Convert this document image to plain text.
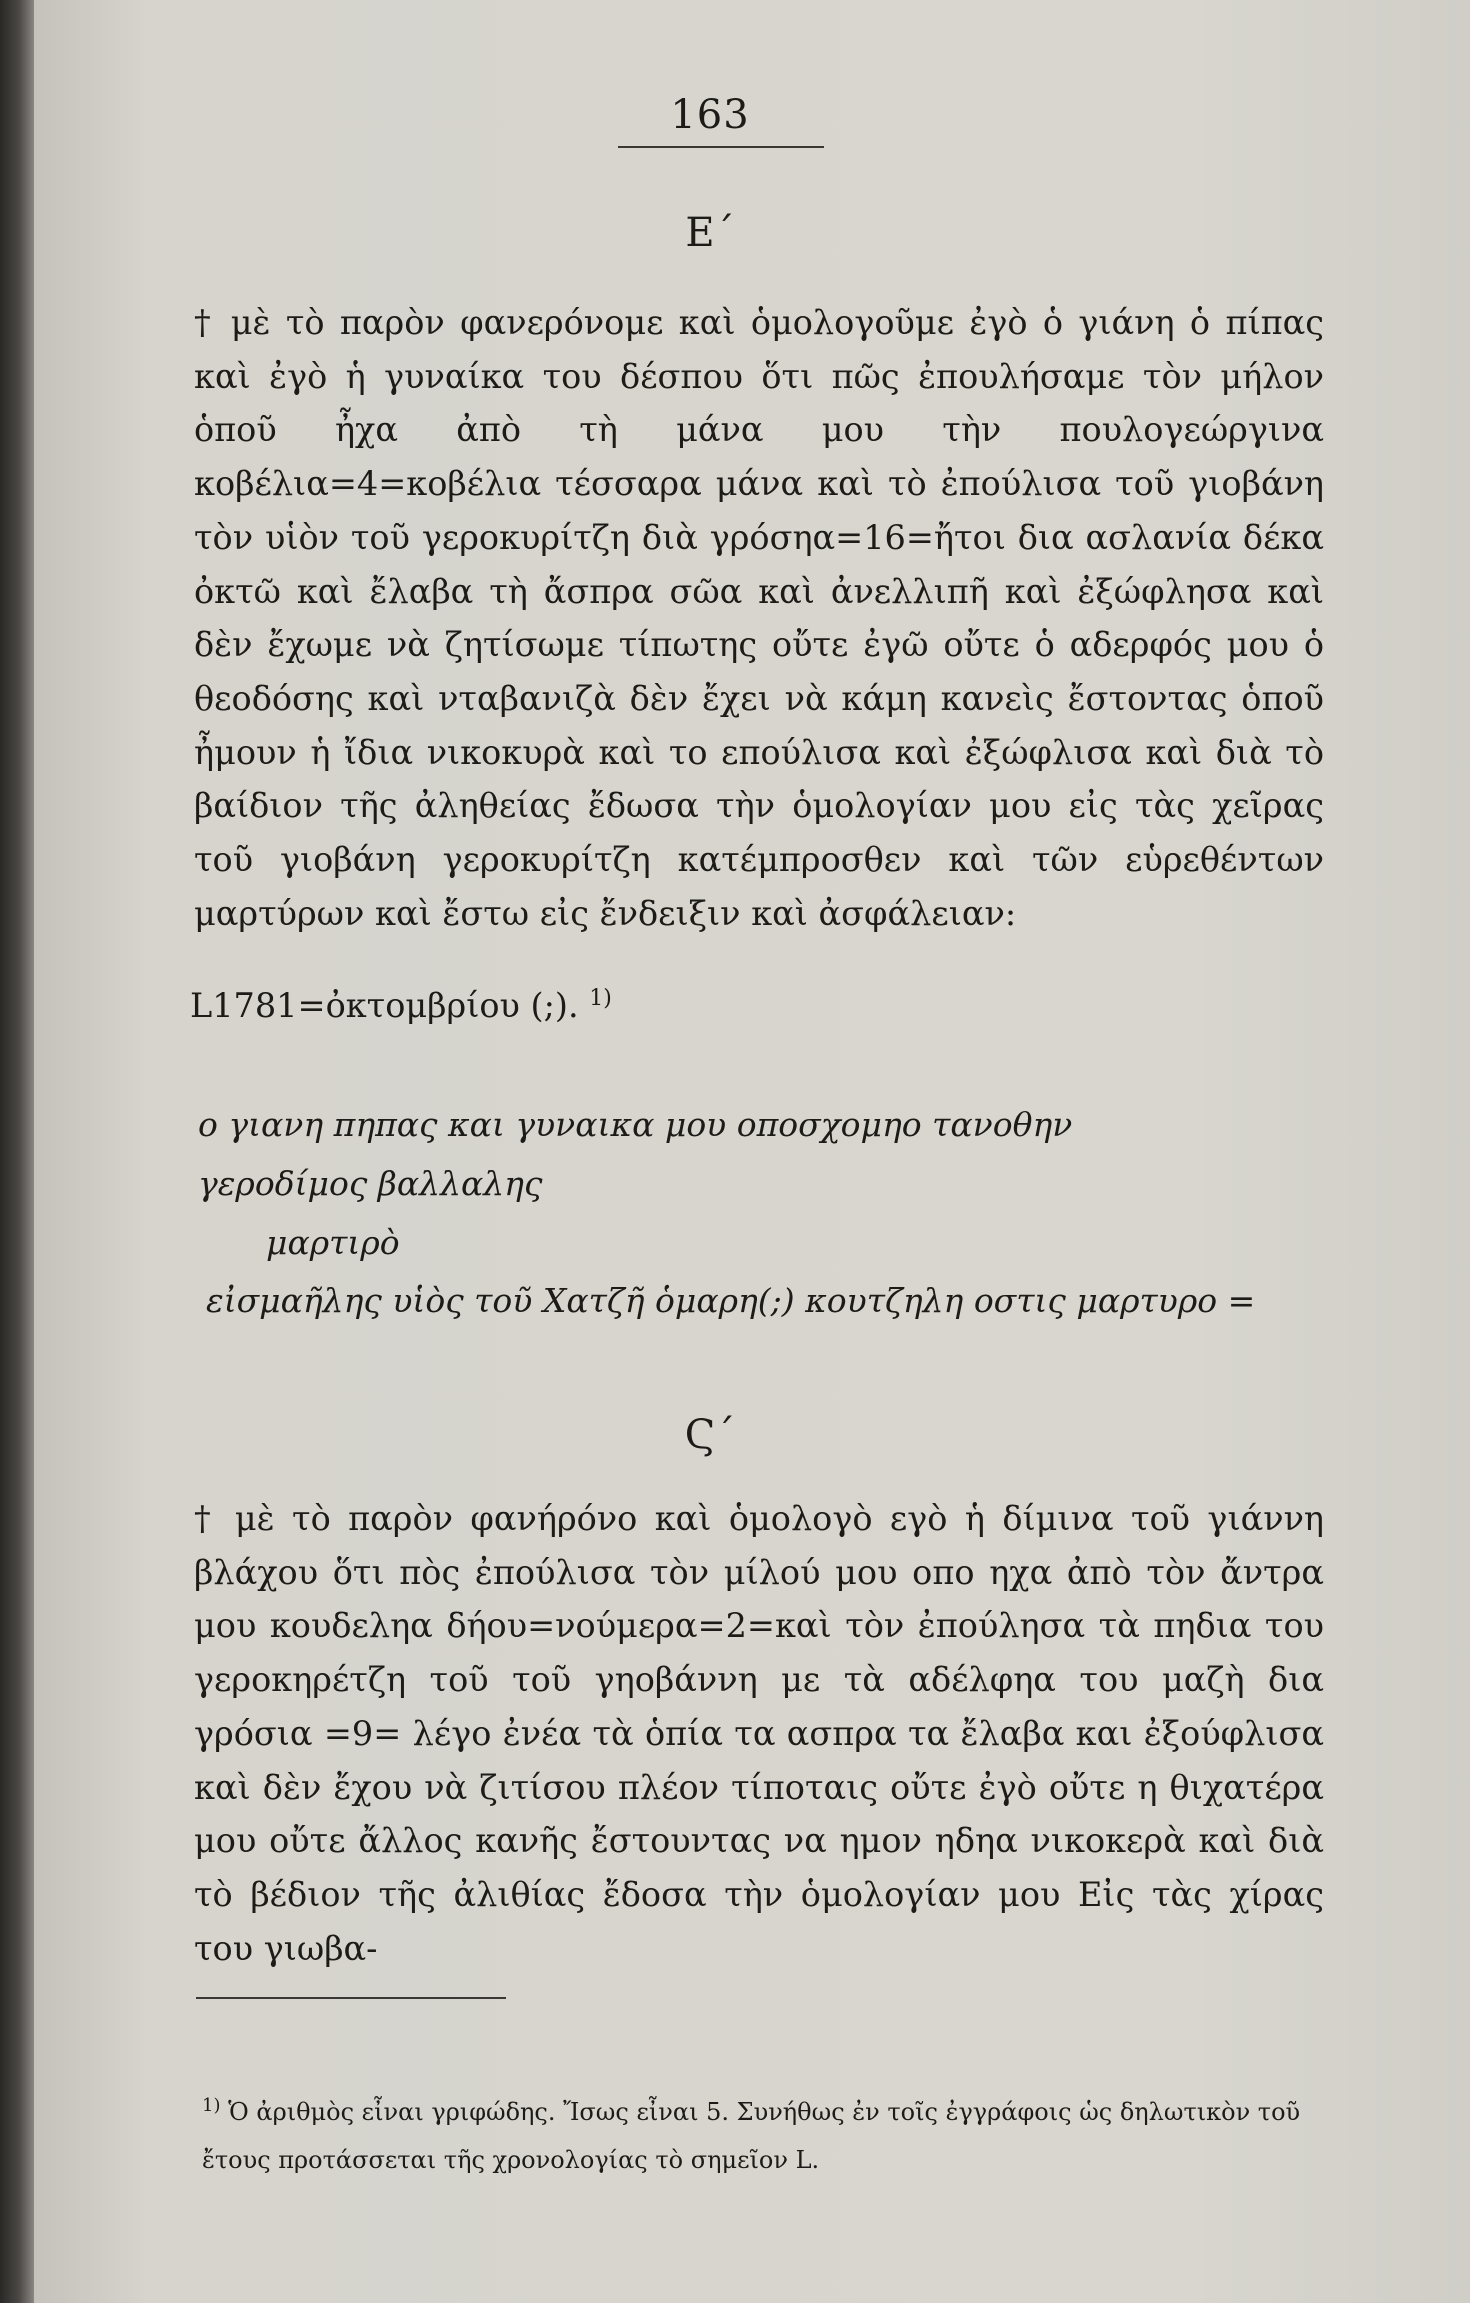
163
Ε΄

† μὲ τὸ παρὸν φανερόνομε καὶ ὁμολογοῦμε ἐγὸ ὁ γιάνη ὁ πίπας καὶ ἐγὸ ἡ γυναίκα του δέσπου ὅτι πῶς ἐπουλήσαμε τὸν μήλον ὁποῦ ἦχα ἀπὸ τὴ μάνα μου τὴν πουλογεώργινα κοβέλια=4=κοβέλια τέσσαρα μάνα καὶ τὸ ἐπούλισα τοῦ γιοβάνη τὸν υἱὸν τοῦ γεροκυρίτζη διὰ γρόσηα=16=ἤτοι δια ασλανία δέκα ὀκτῶ καὶ ἔλαβα τὴ ἄσπρα σῶα καὶ ἀνελλιπῆ καὶ ἐξώφλησα καὶ δὲν ἔχωμε νὰ ζητίσωμε τίπωτης οὔτε ἐγῶ οὔτε ὁ αδερφός μου ὁ θεοδόσης καὶ νταβανιζὰ δὲν ἔχει νὰ κάμη κανεὶς ἔστοντας ὁποῦ ἦμουν ἡ ἴδια νικοκυρὰ καὶ το επούλισα καὶ ἐξώφλισα καὶ διὰ τὸ βαίδιον τῆς ἀληθείας ἔδωσα τὴν ὁμολογίαν μου εἰς τὰς χεῖρας τοῦ γιοβάνη γεροκυρίτζη κατέμπροσθεν καὶ τῶν εὑρεθέντων μαρτύρων καὶ ἔστω εἰς ἔνδειξιν καὶ ἀσφάλειαν:

L1781=ὀκτομβρίου (;). $^{1)}$
ο γιανη πηπας και γυναικα μου οποσχομηο τανοθην
γεροδίμος βαλλαλης
μαρτιρὸ
εἰσμαῆλης υἱὸς τοῦ Χατζῆ ὁμαρη(;) κουτζηλη οστις μαρτυρο =
Ϛ΄

† μὲ τὸ παρὸν φανήρόνο καὶ ὁμολογὸ εγὸ ἡ δίμινα τοῦ γιάννη βλάχου ὅτι πὸς ἐπούλισα τὸν μίλού μου οπο ηχα ἀπὸ τὸν ἄντρα μου κουδεληα δήου=νούμερα=2=καὶ τὸν ἐπούλησα τὰ πηδια του γεροκηρέτζη τοῦ τοῦ γηοβάννη με τὰ αδέλφηα του μαζὴ δια γρόσια =9= λέγο ἐνέα τὰ ὁπία τα ασπρα τα ἔλαβα και ἐξούφλισα καὶ δὲν ἔχου νὰ ζιτίσου πλέον τίποταις οὔτε ἐγὸ οὔτε η θιχατέρα μου οὔτε ἄλλος κανῆς ἔστουντας να ημον ηδηα νικοκερὰ καὶ διὰ τὸ βέδιον τῆς ἀλιθίας ἔδοσα τὴν ὁμολογίαν μου Εἰς τὰς χίρας του γιωβα-

$^{1)}$ Ὁ ἀριθμὸς εἶναι γριφώδης. Ἴσως εἶναι 5. Συνήθως ἐν τοῖς ἐγγράφοις ὡς δηλωτικὸν τοῦ ἔτους προτάσσεται τῆς χρονολογίας τὸ σημεῖον L.
